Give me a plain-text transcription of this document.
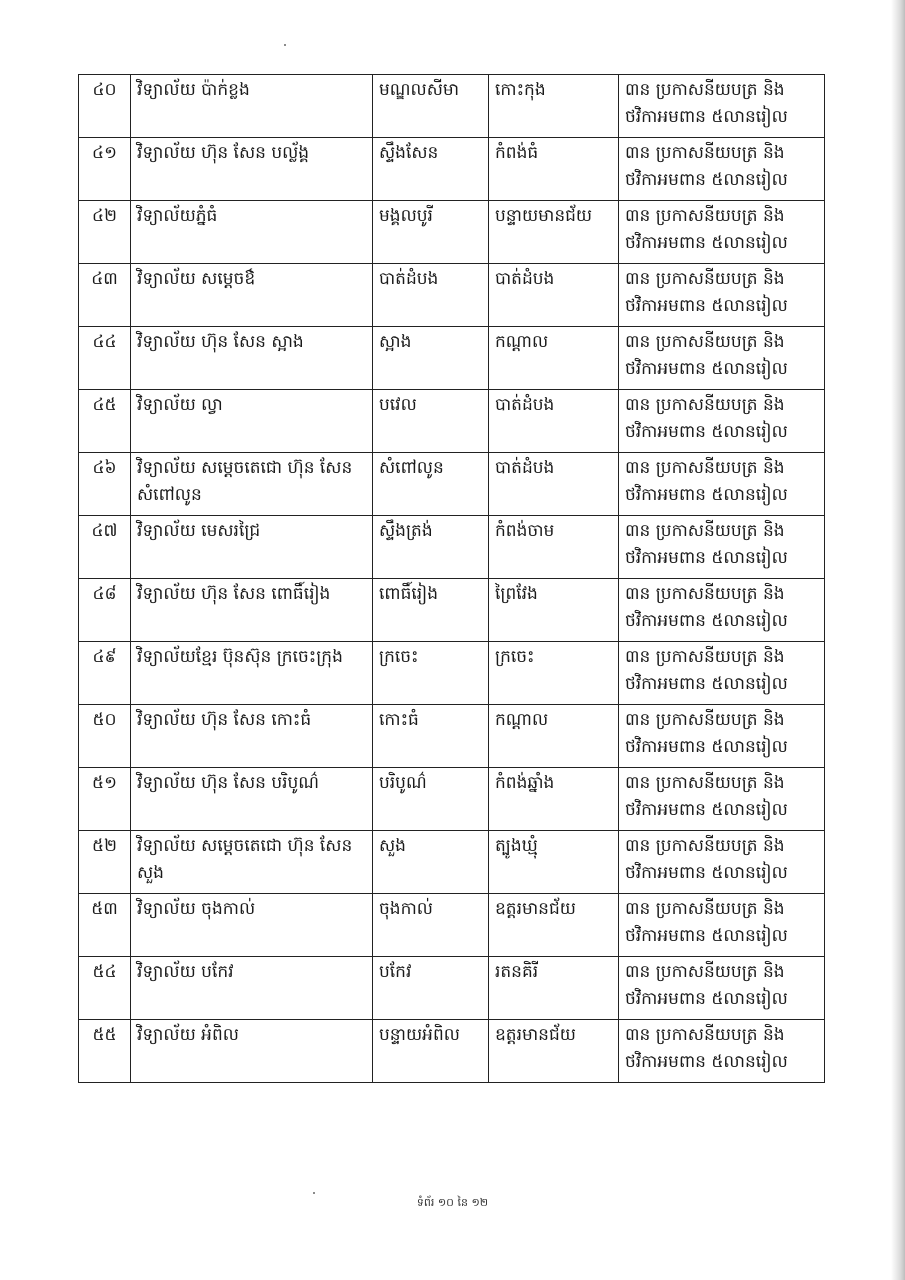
៤០	វិទ្យាល័យ ប៉ាក់ខ្លង	មណ្ឌលសីមា	កោះកុង	៣ន ប្រកាសនីយបត្រ និង
ថវិកាអមពាន ៥លានរៀល

៤១	វិទ្យាល័យ ហ៊ុន សែន បល្ល័ង្គ	ស្ទឹងសែន	កំពង់ធំ	៣ន ប្រកាសនីយបត្រ និង
ថវិកាអមពាន ៥លានរៀល

៤២	វិទ្យាល័យភ្នំធំ	មង្គលបូរី	បន្ទាយមានជ័យ	៣ន ប្រកាសនីយបត្រ និង
ថវិកាអមពាន ៥លានរៀល

៤៣	វិទ្យាល័យ សម្តេចឳ	បាត់ដំបង	បាត់ដំបង	៣ន ប្រកាសនីយបត្រ និង
ថវិកាអមពាន ៥លានរៀល

៤៤	វិទ្យាល័យ ហ៊ុន សែន ស្អាង	ស្អាង	កណ្តាល	៣ន ប្រកាសនីយបត្រ និង
ថវិកាអមពាន ៥លានរៀល

៤៥	វិទ្យាល័យ ល្វា	បវេល	បាត់ដំបង	៣ន ប្រកាសនីយបត្រ និង
ថវិកាអមពាន ៥លានរៀល

៤៦	វិទ្យាល័យ សម្តេចតេជោ ហ៊ុន សែន
សំពៅលូន	សំពៅលូន	បាត់ដំបង	៣ន ប្រកាសនីយបត្រ និង
ថវិកាអមពាន ៥លានរៀល

៤៧	វិទ្យាល័យ មេសរជ្រៃ	ស្ទឹងត្រង់	កំពង់ចាម	៣ន ប្រកាសនីយបត្រ និង
ថវិកាអមពាន ៥លានរៀល

៤៨	វិទ្យាល័យ ហ៊ុន សែន ពោធិ៍រៀង	ពោធិ៍រៀង	ព្រៃវែង	៣ន ប្រកាសនីយបត្រ និង
ថវិកាអមពាន ៥លានរៀល

៤៩	វិទ្យាល័យខ្មែរ ប៊ុនស៊ុន ក្រចេះក្រុង	ក្រចេះ	ក្រចេះ	៣ន ប្រកាសនីយបត្រ និង
ថវិកាអមពាន ៥លានរៀល

៥០	វិទ្យាល័យ ហ៊ុន សែន កោះធំ	កោះធំ	កណ្តាល	៣ន ប្រកាសនីយបត្រ និង
ថវិកាអមពាន ៥លានរៀល

៥១	វិទ្យាល័យ ហ៊ុន សែន បរិបូណ៌	បរិបូណ៌	កំពង់ឆ្នាំង	៣ន ប្រកាសនីយបត្រ និង
ថវិកាអមពាន ៥លានរៀល

៥២	វិទ្យាល័យ សម្តេចតេជោ ហ៊ុន សែន
សួង	សួង	ត្បូងឃ្មុំ	៣ន ប្រកាសនីយបត្រ និង
ថវិកាអមពាន ៥លានរៀល

៥៣	វិទ្យាល័យ ចុងកាល់	ចុងកាល់	ឧត្តរមានជ័យ	៣ន ប្រកាសនីយបត្រ និង
ថវិកាអមពាន ៥លានរៀល

៥៤	វិទ្យាល័យ បកែវ	បកែវ	រតនគិរី	៣ន ប្រកាសនីយបត្រ និង
ថវិកាអមពាន ៥លានរៀល

៥៥	វិទ្យាល័យ អំពិល	បន្ទាយអំពិល	ឧត្តរមានជ័យ	៣ន ប្រកាសនីយបត្រ និង
ថវិកាអមពាន ៥លានរៀល
ទំព័រ ១០ នៃ ១២
